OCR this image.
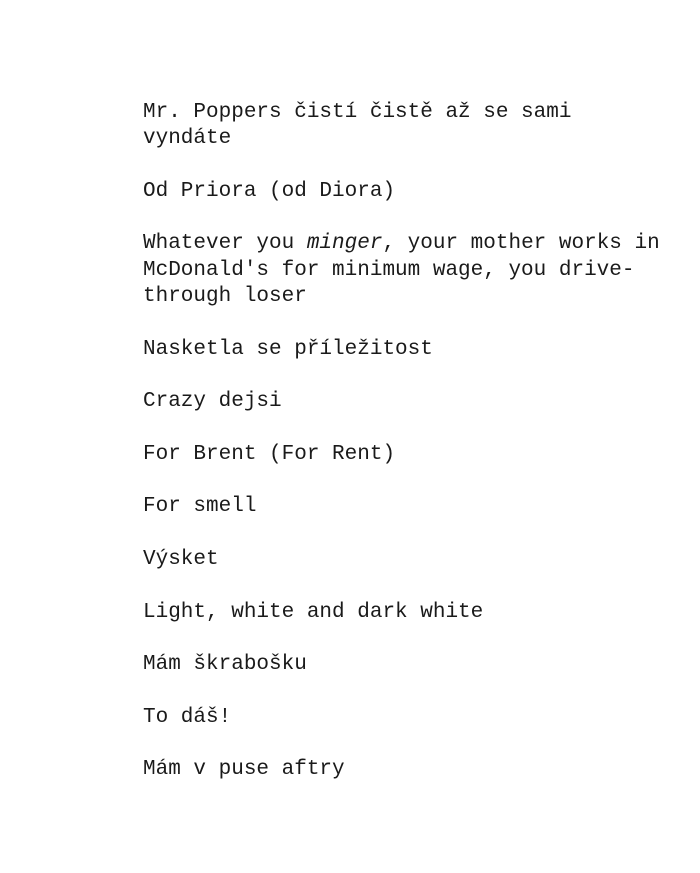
Mr. Poppers čistí čistě až se sami vyndáte

Od Priora (od Diora)

Whatever you minger, your mother works in McDonald's for minimum wage, you drive-through loser

Nasketla se příležitost

Crazy dejsi

For Brent (For Rent)

For smell

Výsket

Light, white and dark white

Mám škrabošku

To dáš!

Mám v puse aftry
